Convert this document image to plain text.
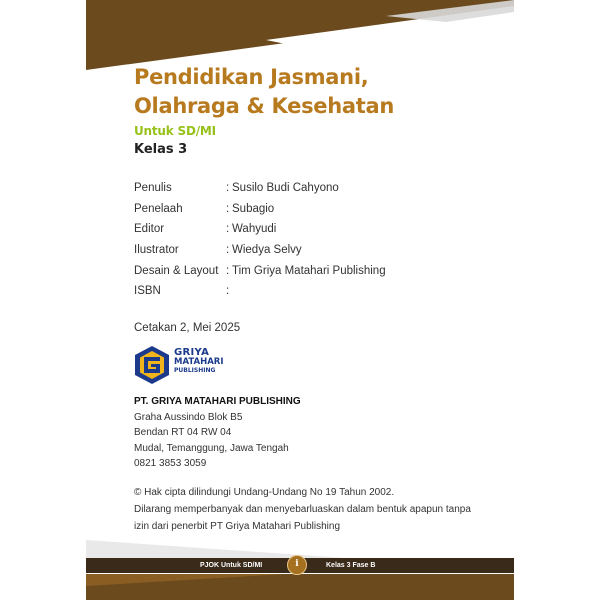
Pendidikan Jasmani,
Olahraga & Kesehatan
Untuk SD/MI
Kelas 3
Penulis	: Susilo Budi Cahyono
Penelaah	: Subagio
Editor	: Wahyudi
Ilustrator	: Wiedya Selvy
Desain & Layout : Tim Griya Matahari Publishing
ISBN	:
Cetakan 2, Mei 2025
GRIYA
MATAHARI
PUBLISHING
PT. GRIYA MATAHARI PUBLISHING
Graha Aussindo Blok B5
Bendan RT 04 RW 04
Mudal, Temanggung, Jawa Tengah
0821 3853 3059
© Hak cipta dilindungi Undang-Undang No 19 Tahun 2002.
Dilarang memperbanyak dan menyebarluaskan dalam bentuk apapun tanpa
izin dari penerbit PT Griya Matahari Publishing
PJOK Untuk SD/MI	i	Kelas 3 Fase B
